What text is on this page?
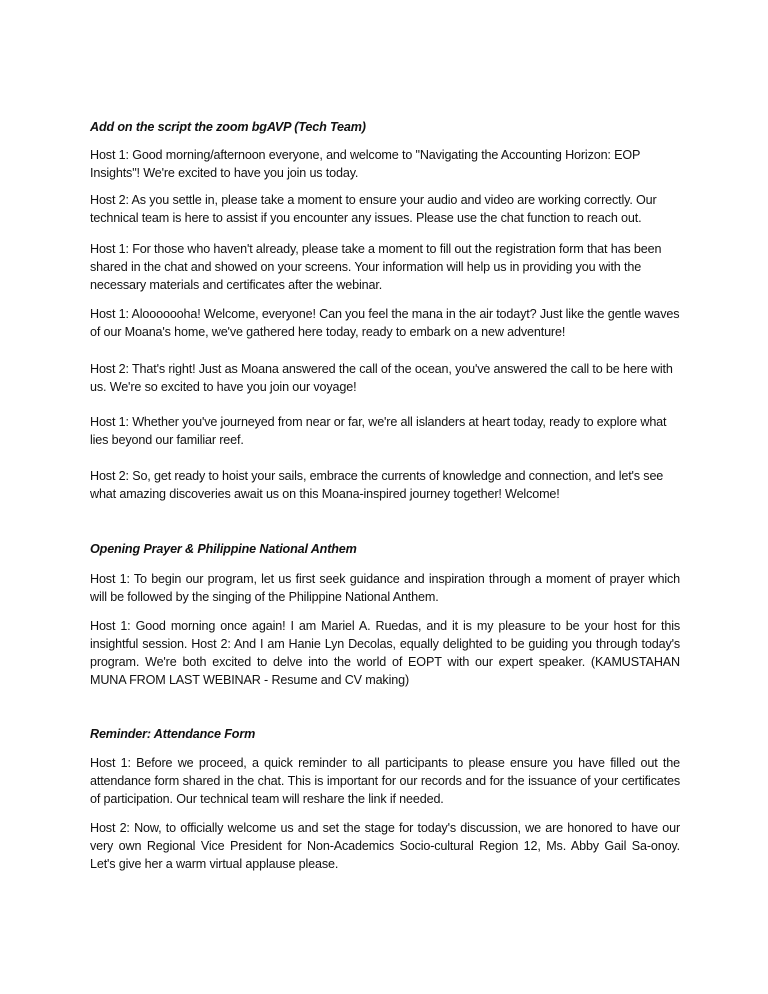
Add on the script the zoom bgAVP (Tech Team)

Host 1: Good morning/afternoon everyone, and welcome to "Navigating the Accounting Horizon: EOP Insights"! We're excited to have you join us today.

Host 2: As you settle in, please take a moment to ensure your audio and video are working correctly. Our technical team is here to assist if you encounter any issues. Please use the chat function to reach out.

Host 1: For those who haven't already, please take a moment to fill out the registration form that has been shared in the chat and showed on your screens. Your information will help us in providing you with the necessary materials and certificates after the webinar.

Host 1: Alooooooha! Welcome, everyone! Can you feel the mana in the air todayt? Just like the gentle waves of our Moana's home, we've gathered here today, ready to embark on a new adventure!

Host 2: That's right! Just as Moana answered the call of the ocean, you've answered the call to be here with us. We're so excited to have you join our voyage!

Host 1: Whether you've journeyed from near or far, we're all islanders at heart today, ready to explore what lies beyond our familiar reef.

Host 2: So, get ready to hoist your sails, embrace the currents of knowledge and connection, and let's see what amazing discoveries await us on this Moana-inspired journey together! Welcome!

Opening Prayer & Philippine National Anthem

Host 1: To begin our program, let us first seek guidance and inspiration through a moment of prayer which will be followed by the singing of the Philippine National Anthem.

Host 1: Good morning once again! I am Mariel A. Ruedas, and it is my pleasure to be your host for this insightful session. Host 2: And I am Hanie Lyn Decolas, equally delighted to be guiding you through today's program. We're both excited to delve into the world of EOPT with our expert speaker. (KAMUSTAHAN MUNA FROM LAST WEBINAR - Resume and CV making)

Reminder: Attendance Form

Host 1: Before we proceed, a quick reminder to all participants to please ensure you have filled out the attendance form shared in the chat. This is important for our records and for the issuance of your certificates of participation. Our technical team will reshare the link if needed.

Host 2: Now, to officially welcome us and set the stage for today's discussion, we are honored to have our very own Regional Vice President for Non-Academics Socio-cultural Region 12, Ms. Abby Gail Sa-onoy. Let's give her a warm virtual applause please.
